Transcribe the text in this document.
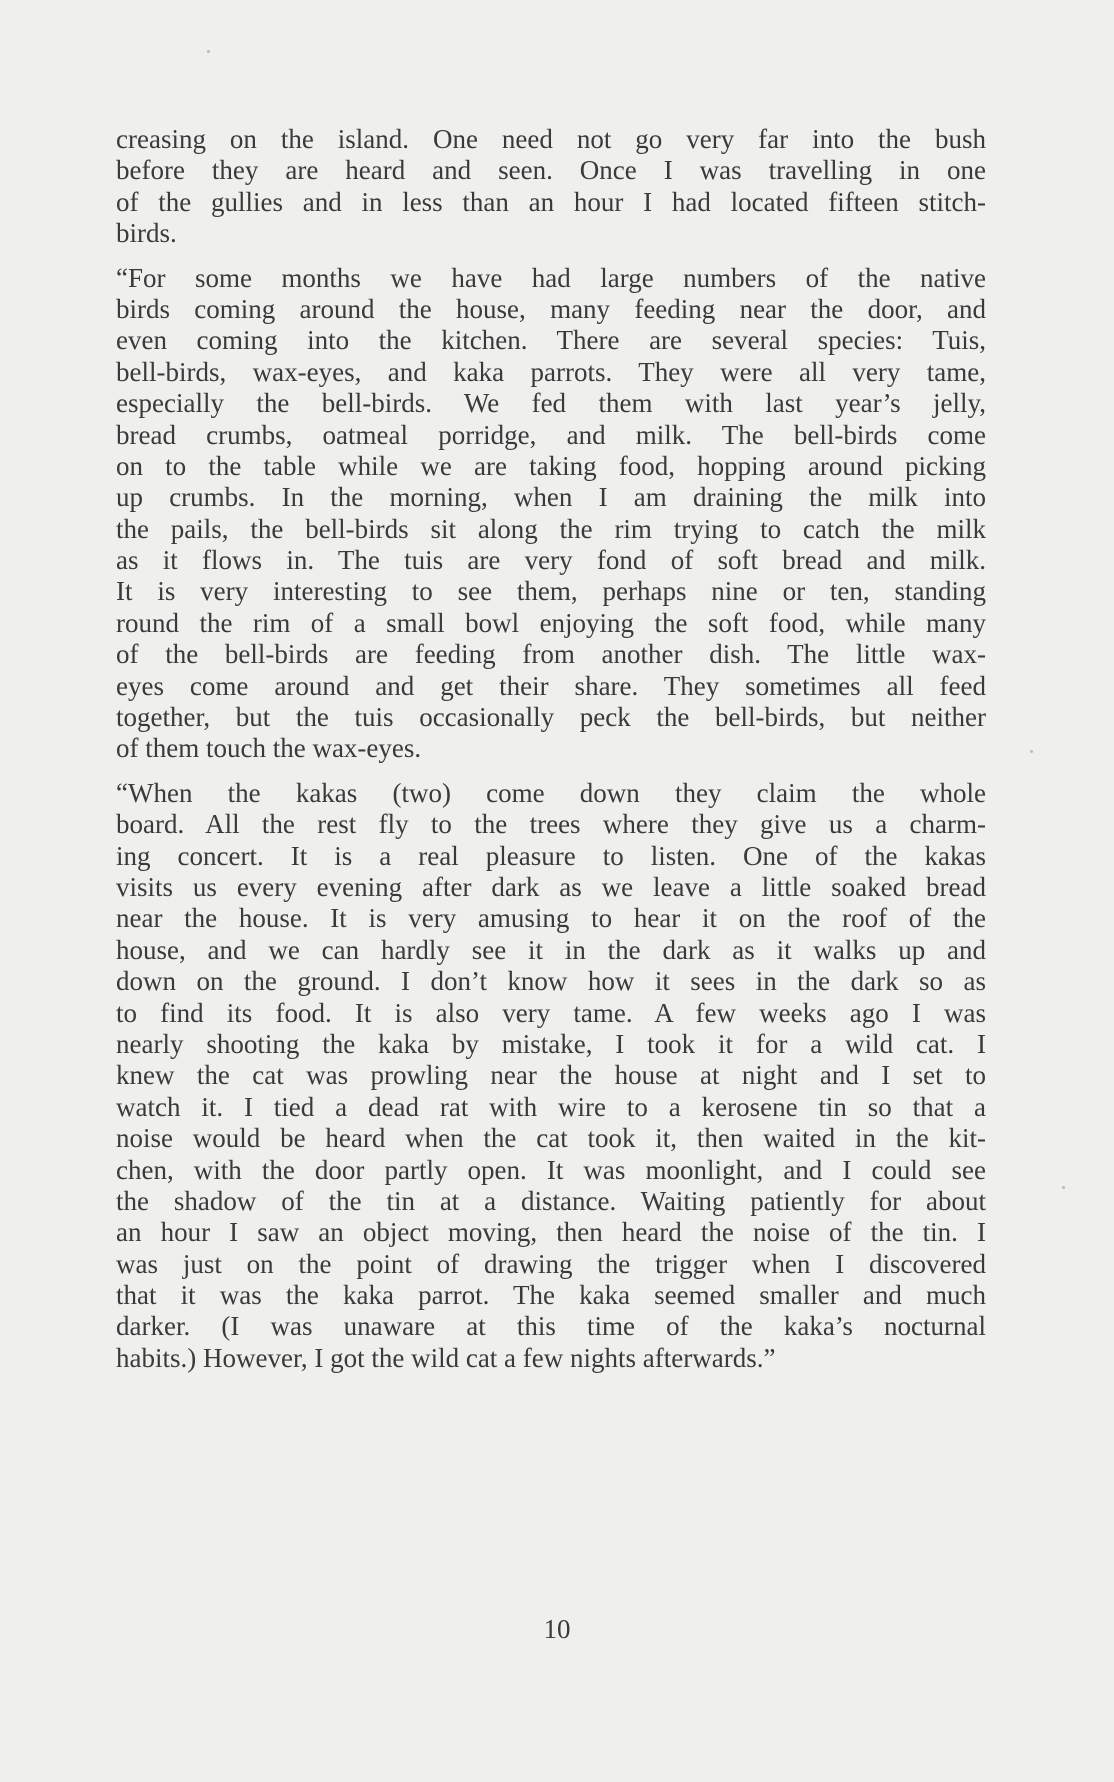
creasing on the island. One need not go very far into the bush
before they are heard and seen. Once I was travelling in one
of the gullies and in less than an hour I had located fifteen stitch-
birds.
“For some months we have had large numbers of the native
birds coming around the house, many feeding near the door, and
even coming into the kitchen. There are several species: Tuis,
bell-birds, wax-eyes, and kaka parrots. They were all very tame,
especially the bell-birds. We fed them with last year’s jelly,
bread crumbs, oatmeal porridge, and milk. The bell-birds come
on to the table while we are taking food, hopping around picking
up crumbs. In the morning, when I am draining the milk into
the pails, the bell-birds sit along the rim trying to catch the milk
as it flows in. The tuis are very fond of soft bread and milk.
It is very interesting to see them, perhaps nine or ten, standing
round the rim of a small bowl enjoying the soft food, while many
of the bell-birds are feeding from another dish. The little wax-
eyes come around and get their share. They sometimes all feed
together, but the tuis occasionally peck the bell-birds, but neither
of them touch the wax-eyes.
“When the kakas (two) come down they claim the whole
board. All the rest fly to the trees where they give us a charm-
ing concert. It is a real pleasure to listen. One of the kakas
visits us every evening after dark as we leave a little soaked bread
near the house. It is very amusing to hear it on the roof of the
house, and we can hardly see it in the dark as it walks up and
down on the ground. I don’t know how it sees in the dark so as
to find its food. It is also very tame. A few weeks ago I was
nearly shooting the kaka by mistake, I took it for a wild cat. I
knew the cat was prowling near the house at night and I set to
watch it. I tied a dead rat with wire to a kerosene tin so that a
noise would be heard when the cat took it, then waited in the kit-
chen, with the door partly open. It was moonlight, and I could see
the shadow of the tin at a distance. Waiting patiently for about
an hour I saw an object moving, then heard the noise of the tin. I
was just on the point of drawing the trigger when I discovered
that it was the kaka parrot. The kaka seemed smaller and much
darker. (I was unaware at this time of the kaka’s nocturnal
habits.) However, I got the wild cat a few nights afterwards.”
10
